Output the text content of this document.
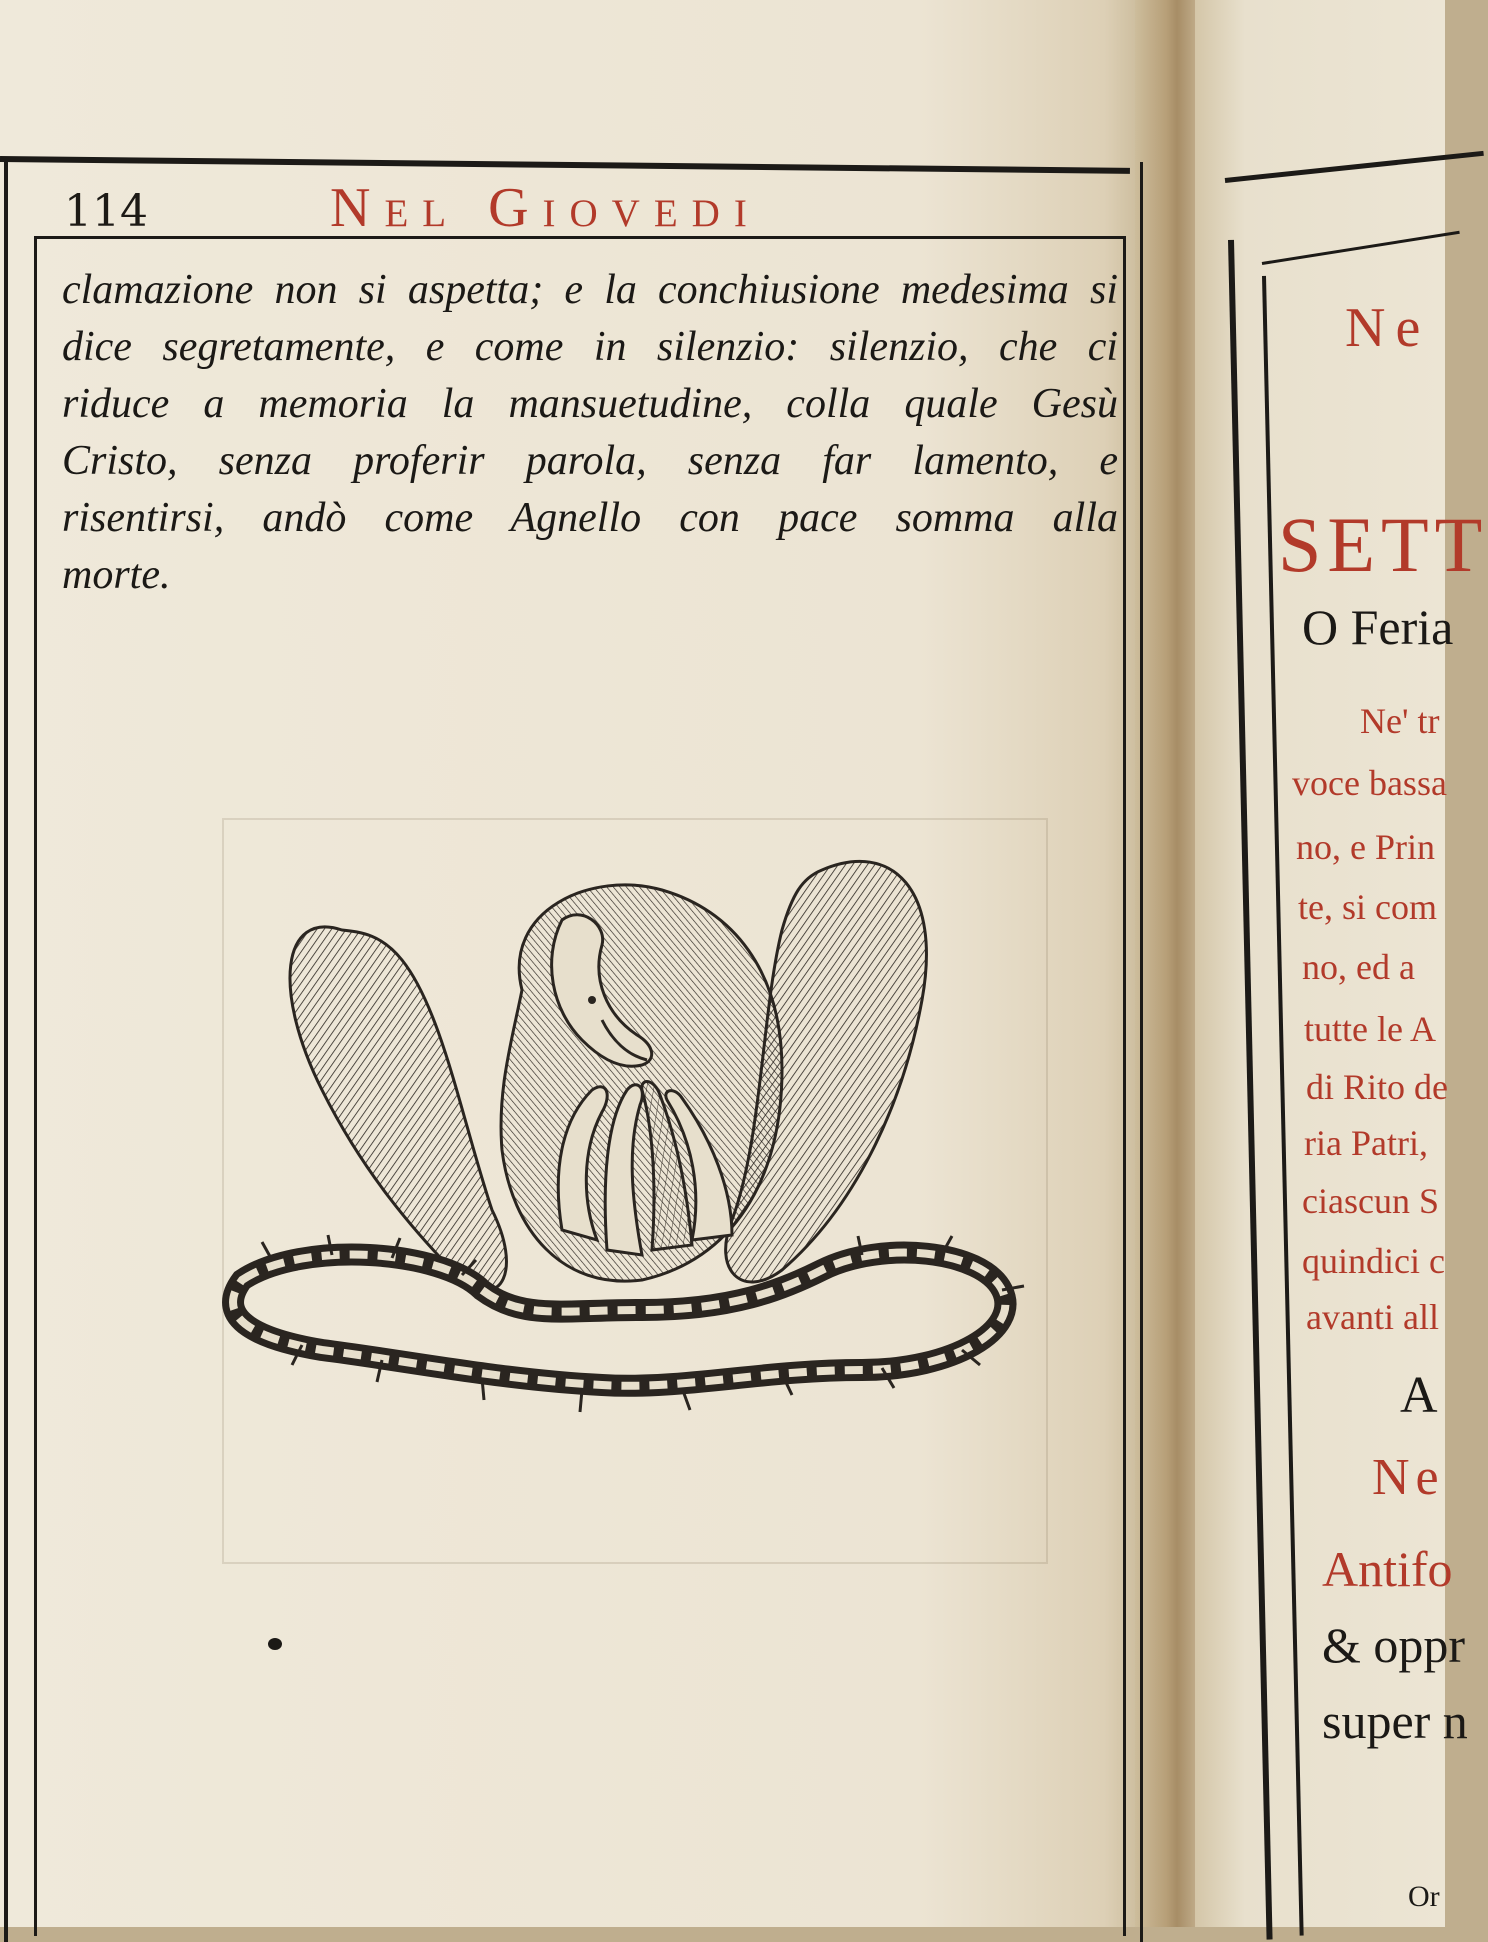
114	Nel Giovedi
clamazione non si aspetta; e la conchiusione medesima si
dice segretamente, e come in silenzio: silenzio, che ci
riduce a memoria la mansuetudine, colla quale Gesù
Cristo, senza proferir parola, senza far lamento, e
risentirsi, andò come Agnello con pace somma alla
morte.
Ne
SETT
O Feria
Ne' tr
voce bassa
no, e Prin
te, si com
no, ed a
tutte le A
di Rito de
ria Patri,
ciascun S
quindici c
avanti all
A
Ne
Antifo
& oppr
super n
Or
